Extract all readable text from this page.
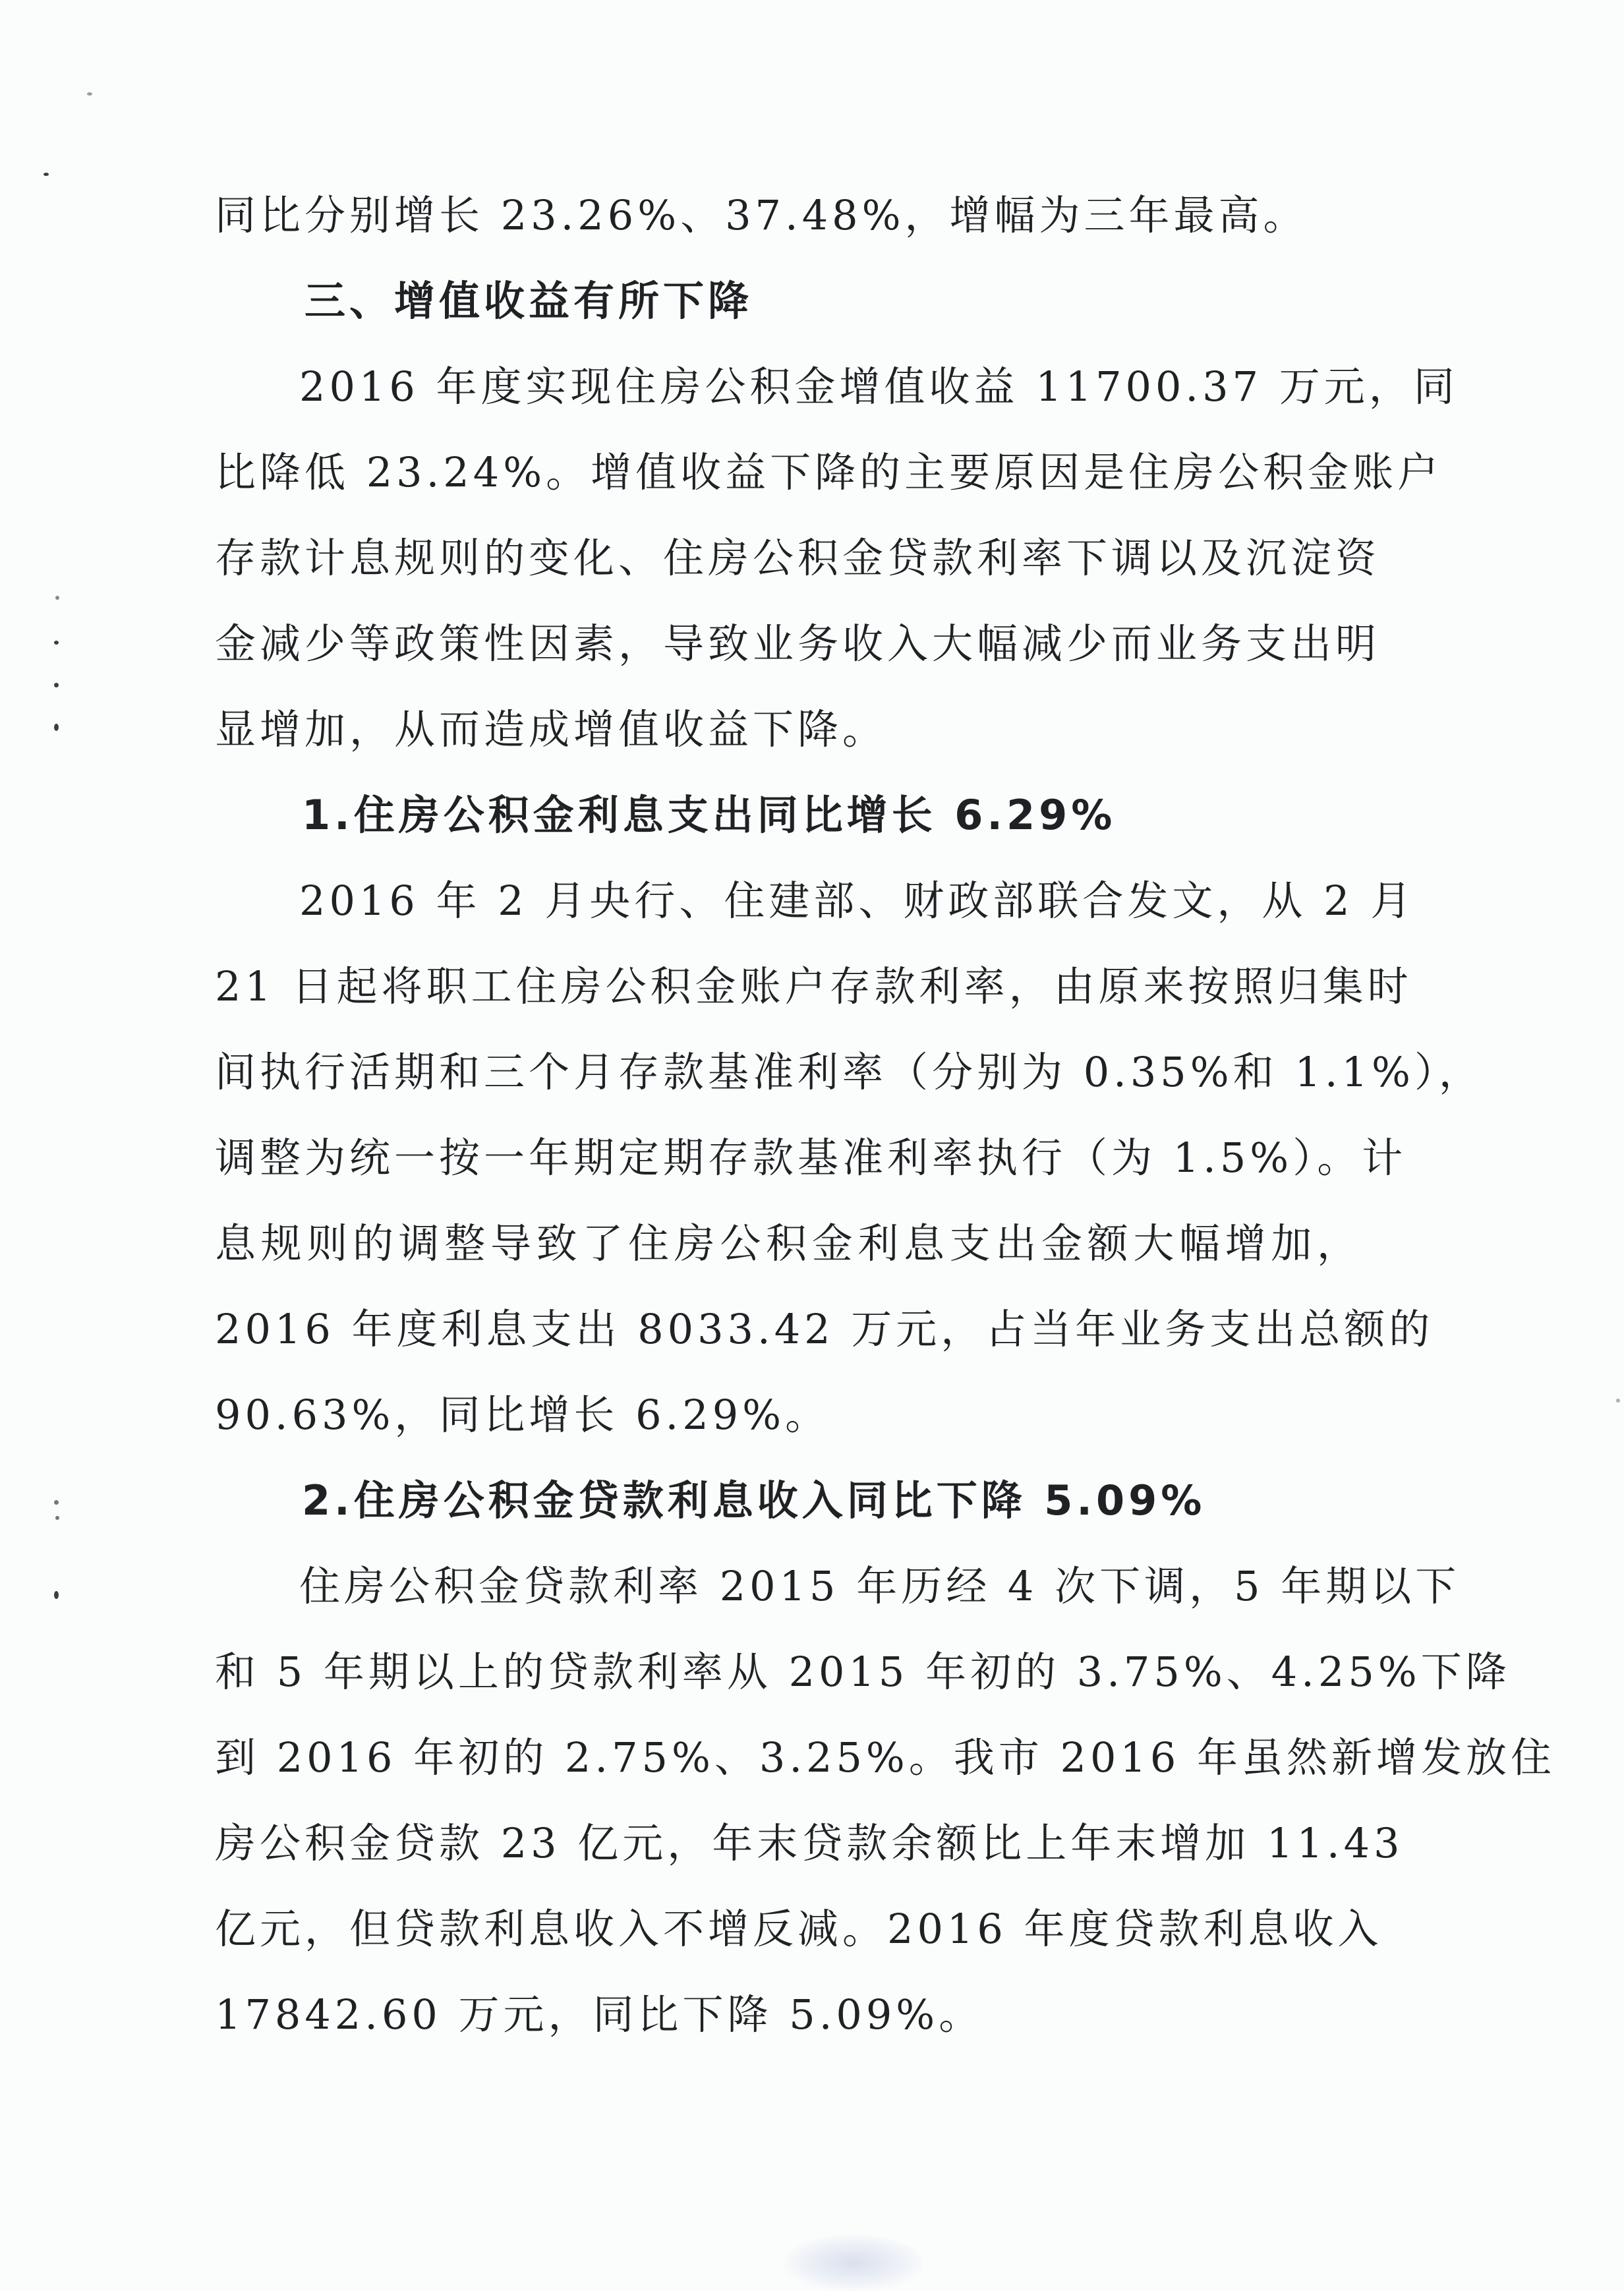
同比分别增长 23.26%、37.48%，增幅为三年最高。
三、增值收益有所下降
2016 年度实现住房公积金增值收益 11700.37 万元，同
比降低 23.24%。增值收益下降的主要原因是住房公积金账户
存款计息规则的变化、住房公积金贷款利率下调以及沉淀资
金减少等政策性因素，导致业务收入大幅减少而业务支出明
显增加，从而造成增值收益下降。
1.住房公积金利息支出同比增长 6.29%
2016 年 2 月央行、住建部、财政部联合发文，从 2 月
21 日起将职工住房公积金账户存款利率，由原来按照归集时
间执行活期和三个月存款基准利率（分别为 0.35%和 1.1%），
调整为统一按一年期定期存款基准利率执行（为 1.5%）。计
息规则的调整导致了住房公积金利息支出金额大幅增加，
2016 年度利息支出 8033.42 万元，占当年业务支出总额的
90.63%，同比增长 6.29%。
2.住房公积金贷款利息收入同比下降 5.09%
住房公积金贷款利率 2015 年历经 4 次下调，5 年期以下
和 5 年期以上的贷款利率从 2015 年初的 3.75%、4.25%下降
到 2016 年初的 2.75%、3.25%。我市 2016 年虽然新增发放住
房公积金贷款 23 亿元，年末贷款余额比上年末增加 11.43
亿元，但贷款利息收入不增反减。2016 年度贷款利息收入
17842.60 万元，同比下降 5.09%。
